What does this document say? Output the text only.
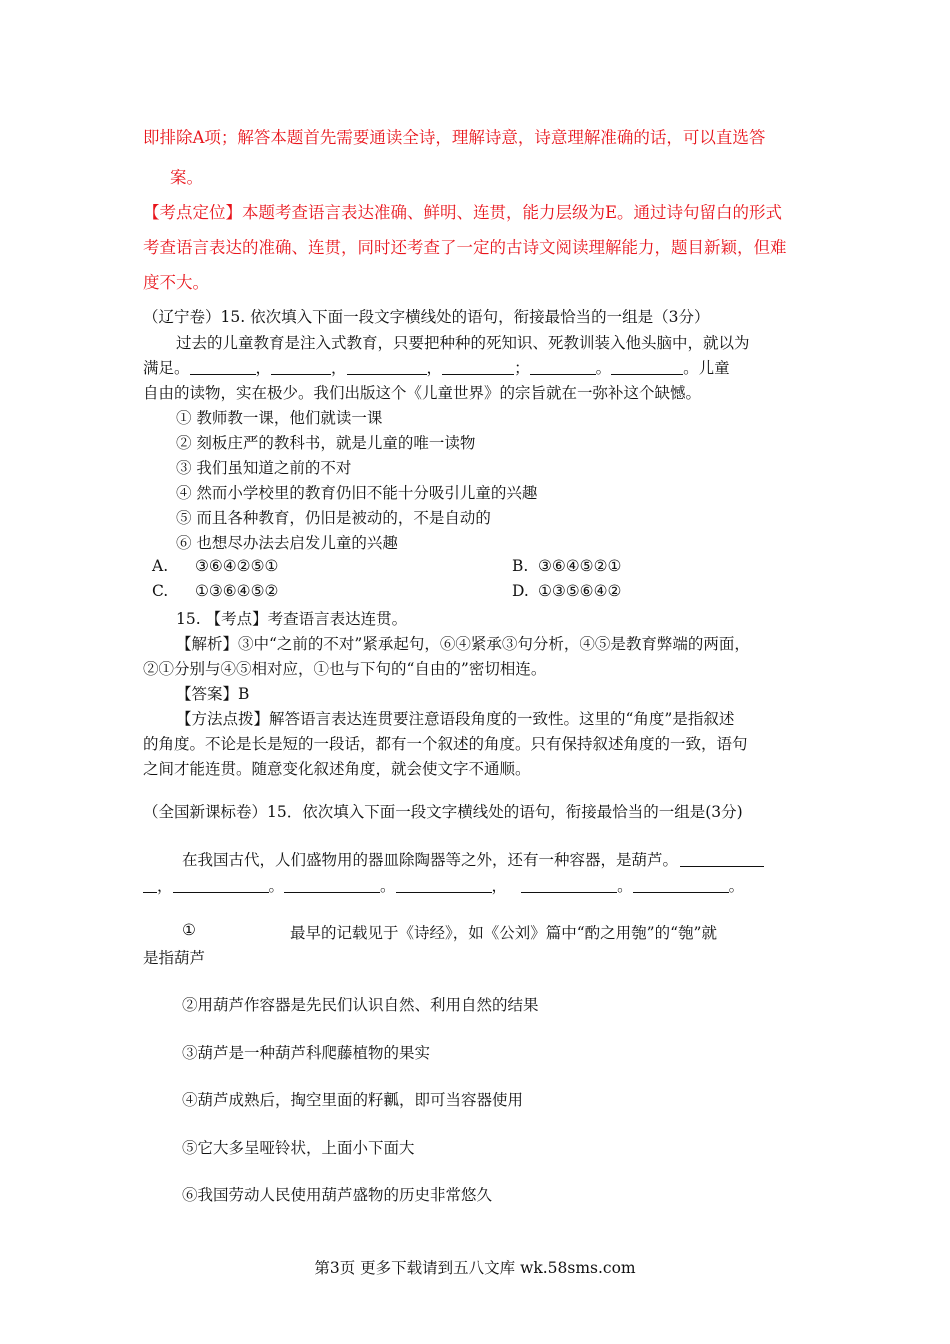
即排除A项；解答本题首先需要通读全诗，理解诗意，诗意理解准确的话，可以直选答
案。
【考点定位】本题考查语言表达准确、鲜明、连贯，能力层级为E。通过诗句留白的形式
考查语言表达的准确、连贯，同时还考查了一定的古诗文阅读理解能力，题目新颖，但难
度不大。
（辽宁卷）15. 依次填入下面一段文字横线处的语句，衔接最恰当的一组是（3分）
过去的儿童教育是注入式教育，只要把种种的死知识、死教训装入他头脑中，就以为
满足。	，	，	，	；	。	。儿童
自由的读物，实在极少。我们出版这个《儿童世界》的宗旨就在一弥补这个缺憾。
① 教师教一课，他们就读一课
② 刻板庄严的教科书，就是儿童的唯一读物
③ 我们虽知道之前的不对
④ 然而小学校里的教育仍旧不能十分吸引儿童的兴趣
⑤ 而且各种教育，仍旧是被动的，不是自动的
⑥ 也想尽办法去启发儿童的兴趣
A. ③⑥④②⑤①	B. ③⑥④⑤②①
C. ①③⑥④⑤②	D. ①③⑤⑥④②
15. 【考点】考查语言表达连贯。
【解析】③中“之前的不对”紧承起句，⑥④紧承③句分析，④⑤是教育弊端的两面，
②①分别与④⑤相对应，①也与下句的“自由的”密切相连。
【答案】B
【方法点拨】解答语言表达连贯要注意语段角度的一致性。这里的“角度”是指叙述
的角度。不论是长是短的一段话，都有一个叙述的角度。只有保持叙述角度的一致，语句
之间才能连贯。随意变化叙述角度，就会使文字不通顺。
（全国新课标卷）15．依次填入下面一段文字横线处的语句，衔接最恰当的一组是(3分)
在我国古代，人们盛物用的器皿除陶器等之外，还有一种容器，是葫芦。
，	。	。	，	。	。
①	最早的记载见于《诗经》，如《公刘》篇中“酌之用匏”的“匏”就
是指葫芦
②用葫芦作容器是先民们认识自然、利用自然的结果
③葫芦是一种葫芦科爬藤植物的果实
④葫芦成熟后，掏空里面的籽瓤，即可当容器使用
⑤它大多呈哑铃状，上面小下面大
⑥我国劳动人民使用葫芦盛物的历史非常悠久
第3页 更多下载请到五八文库 wk.58sms.com
